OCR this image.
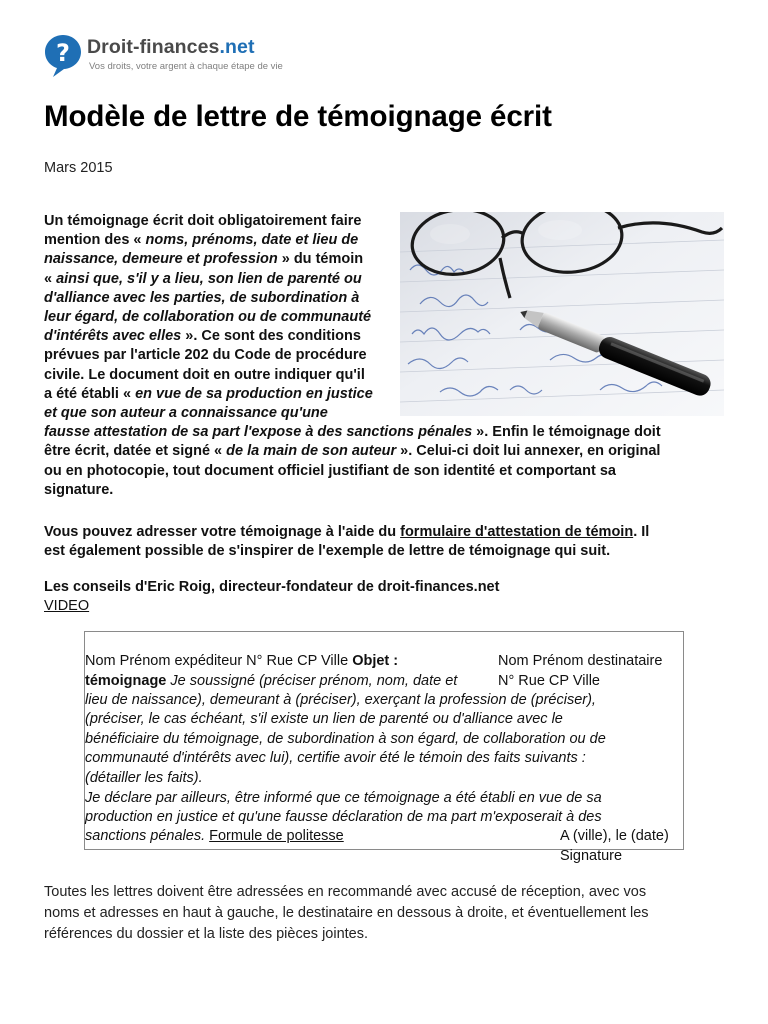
? Droit-finances.net
Vos droits, votre argent à chaque étape de vie
Modèle de lettre de témoignage écrit
Mars 2015
Un témoignage écrit doit obligatoirement faire
mention des « noms, prénoms, date et lieu de
naissance, demeure et profession » du témoin
« ainsi que, s'il y a lieu, son lien de parenté ou
d'alliance avec les parties, de subordination à
leur égard, de collaboration ou de communauté
d'intérêts avec elles ». Ce sont des conditions
prévues par l'article 202 du Code de procédure
civile. Le document doit en outre indiquer qu'il
a été établi « en vue de sa production en justice
et que son auteur a connaissance qu'une
fausse attestation de sa part l'expose à des sanctions pénales ». Enfin le témoignage doit
être écrit, datée et signé « de la main de son auteur ». Celui-ci doit lui annexer, en original
ou en photocopie, tout document officiel justifiant de son identité et comportant sa
signature.
Vous pouvez adresser votre témoignage à l'aide du formulaire d'attestation de témoin. Il
est également possible de s'inspirer de l'exemple de lettre de témoignage qui suit.
Les conseils d'Eric Roig, directeur-fondateur de droit-finances.net
VIDEO
Nom Prénom expéditeur N° Rue CP Ville Objet :	Nom Prénom destinataire
témoignage Je soussigné (préciser prénom, nom, date et	N° Rue CP Ville
lieu de naissance), demeurant à (préciser), exerçant la profession de (préciser),
(préciser, le cas échéant, s'il existe un lien de parenté ou d'alliance avec le
bénéficiaire du témoignage, de subordination à son égard, de collaboration ou de
communauté d'intérêts avec lui), certifie avoir été le témoin des faits suivants :
(détailler les faits).
Je déclare par ailleurs, être informé que ce témoignage a été établi en vue de sa
production en justice et qu'une fausse déclaration de ma part m'exposerait à des
sanctions pénales. Formule de politesse	A (ville), le (date)
Signature
Toutes les lettres doivent être adressées en recommandé avec accusé de réception, avec vos
noms et adresses en haut à gauche, le destinataire en dessous à droite, et éventuellement les
références du dossier et la liste des pièces jointes.
